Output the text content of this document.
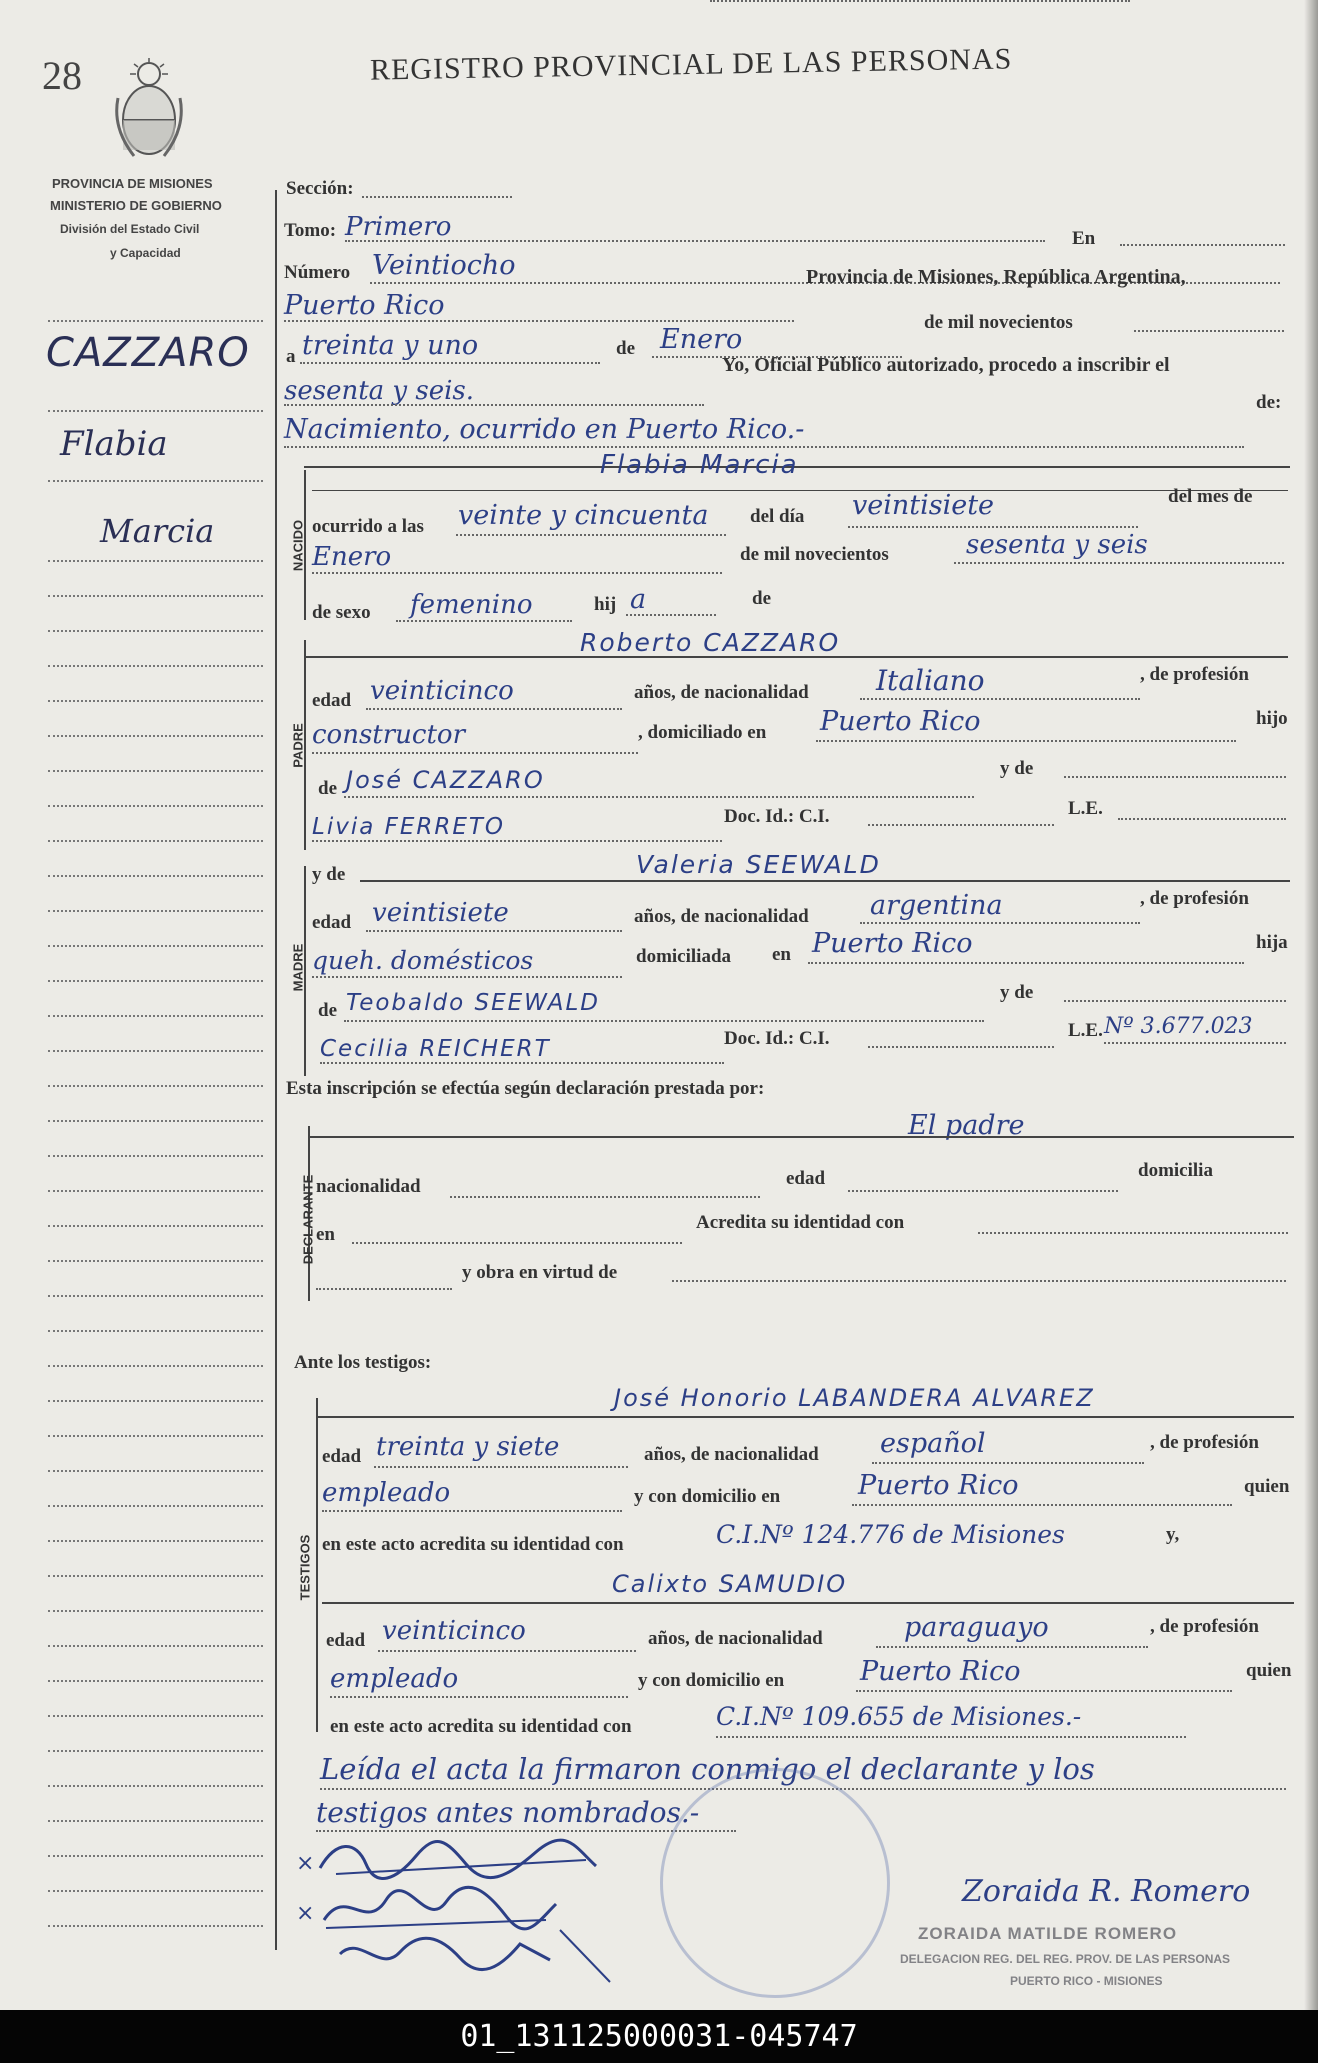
28	REGISTRO PROVINCIAL DE LAS PERSONAS
PROVINCIA DE MISIONES
MINISTERIO DE GOBIERNO
División del Estado Civil
y Capacidad
CAZZARO
Flabia
Marcia
Sección:
Tomo: Primero	En
Número Veintiocho
Puerto Rico
Provincia de Misiones, República Argentina,
a treinta y uno	de Enero
de mil novecientos
sesenta y seis.
Yo, Oficial Público autorizado, procedo a inscribir el
Nacimiento, ocurrido en Puerto Rico.-
de:
NACIDO
Flabia Marcia
ocurrido a las veinte y cincuenta del día veintisiete	del mes de
Enero	de mil novecientos	sesenta y seis
de sexo femenino	hij a	de
PADRE
Roberto CAZZARO
edad veinticinco	años, de nacionalidad Italiano	, de profesión
constructor	, domiciliado en Puerto Rico	hijo
de José CAZZARO	y de
Livia FERRETO	Doc. Id.: C.I.	L.E.
MADRE
y de	Valeria SEEWALD
edad veintisiete	años, de nacionalidad argentina	, de profesión
queh. domésticos	domiciliada en Puerto Rico	hija
de Teobaldo SEEWALD	y de
Cecilia REICHERT	Doc. Id.: C.I.	L.E. Nº 3.677.023
Esta inscripción se efectúa según declaración prestada por:
DECLARANTE
El padre
nacionalidad	edad	domicilia
en
Acredita su identidad con
y obra en virtud de
Ante los testigos:
TESTIGOS
José Honorio LABANDERA ALVAREZ
edad treinta y siete	años, de nacionalidad español	, de profesión
empleado	y con domicilio en	Puerto Rico	quien
en este acto acredita su identidad con	C.I.Nº 124.776 de Misiones	y,
Calixto SAMUDIO
edad veinticinco	años, de nacionalidad	paraguayo	, de profesión
empleado	y con domicilio en	Puerto Rico	quien
en este acto acredita su identidad con	C.I.Nº 109.655 de Misiones.-
Leída el acta la firmaron conmigo el declarante y los
testigos antes nombrados.-
×
×
Zoraida R. Romero
ZORAIDA MATILDE ROMERO
DELEGACION REG. DEL REG. PROV. DE LAS PERSONAS
PUERTO RICO - MISIONES
01_131125000031-045747
